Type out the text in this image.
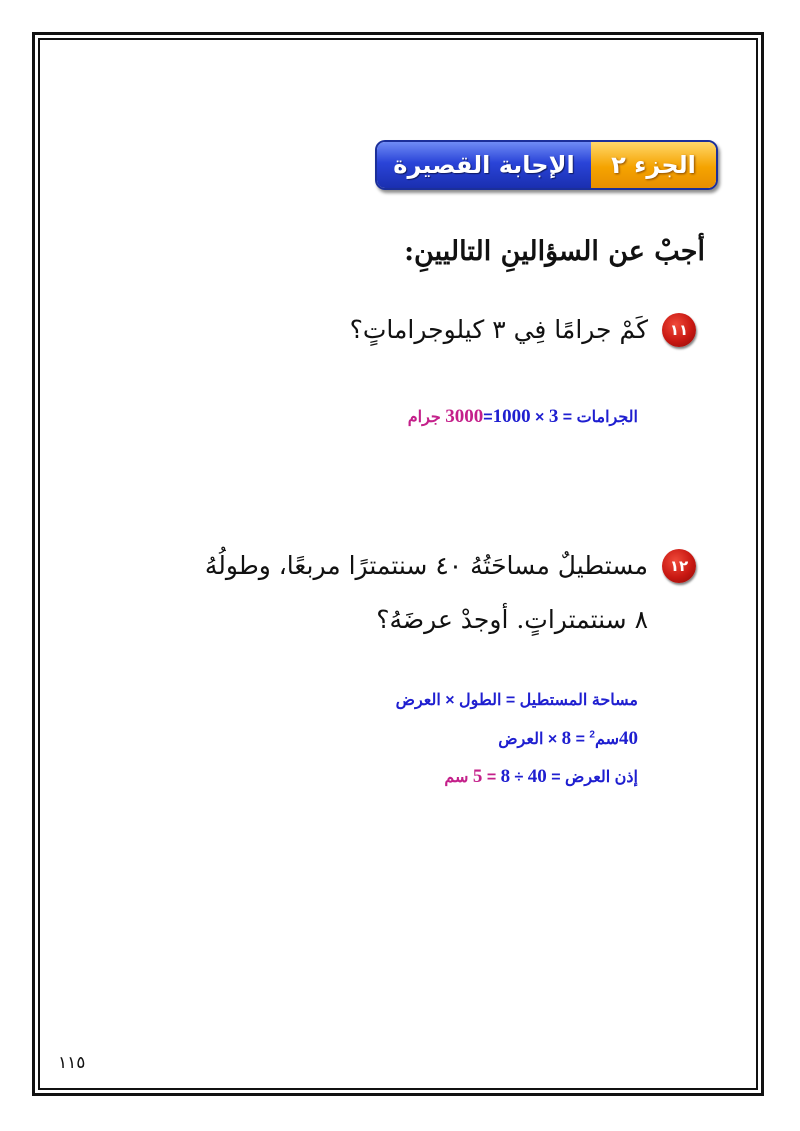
الإجابة القصيرة	الجزء ٢
أجبْ عن السؤالينِ التاليينِ:
١١
كَمْ جرامًا فِي ٣ كيلوجراماتٍ؟
الجرامات = 3 × 1000=3000 جرام
١٢
مستطيلٌ مساحَتُهُ ٤٠ سنتمترًا مربعًا، وطولُهُ
٨ سنتمتراتٍ. أوجدْ عرضَهُ؟
مساحة المستطيل = الطول × العرض
40سم$^2$ = 8 × العرض
إذن العرض = 40 ÷ 8 = 5 سم
١١٥
